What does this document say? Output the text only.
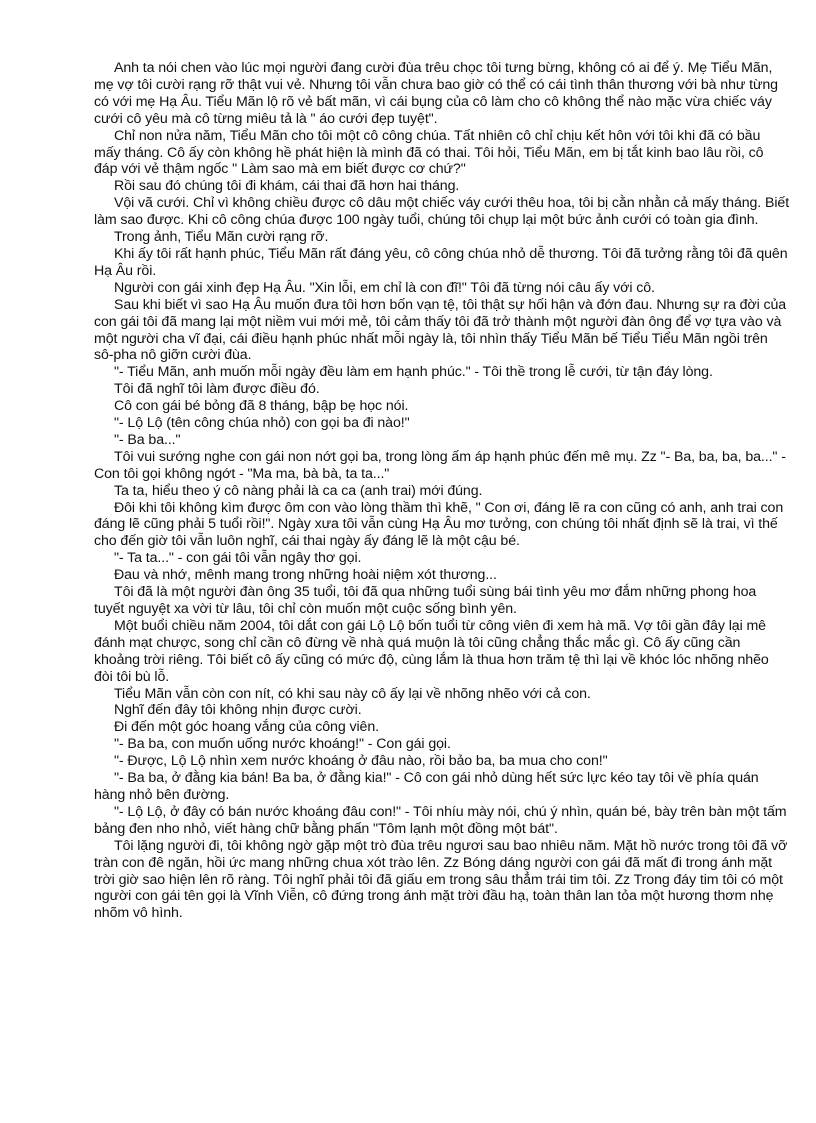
Anh ta nói chen vào lúc mọi người đang cười đùa trêu chọc tôi tưng bừng, không có ai để ý. Mẹ Tiểu Mãn, mẹ vợ tôi cười rạng rỡ thật vui vẻ. Nhưng tôi vẫn chưa bao giờ có thể có cái tình thân thương với bà như từng có với mẹ Hạ Âu. Tiểu Mãn lộ rõ vẻ bất mãn, vì cái bụng của cô làm cho cô không thể nào mặc vừa chiếc váy cưới cô yêu mà cô từng miêu tả là " áo cưới đẹp tuyệt".

Chỉ non nửa năm, Tiểu Mãn cho tôi một cô công chúa. Tất nhiên cô chỉ chịu kết hôn với tôi khi đã có bầu mấy tháng. Cô ấy còn không hề phát hiện là mình đã có thai. Tôi hỏi, Tiểu Mãn, em bị tắt kinh bao lâu rồi, cô đáp với vẻ thậm ngốc " Làm sao mà em biết được cơ chứ?"

Rồi sau đó chúng tôi đi khám, cái thai đã hơn hai tháng.

Vội vã cưới. Chỉ vì không chiều được cô dâu một chiếc váy cưới thêu hoa, tôi bị cằn nhằn cả mấy tháng. Biết làm sao được. Khi cô công chúa được 100 ngày tuổi, chúng tôi chụp lại một bức ảnh cưới có toàn gia đình.

Trong ảnh, Tiểu Mãn cười rạng rỡ.

Khi ấy tôi rất hạnh phúc, Tiểu Mãn rất đáng yêu, cô công chúa nhỏ dễ thương. Tôi đã tưởng rằng tôi đã quên Hạ Âu rồi.

Người con gái xinh đẹp Hạ Âu. "Xin lỗi, em chỉ là con đĩ!" Tôi đã từng nói câu ấy với cô.

Sau khi biết vì sao Hạ Âu muốn đưa tôi hơn bốn vạn tệ, tôi thật sự hối hận và đớn đau. Nhưng sự ra đời của con gái tôi đã mang lại một niềm vui mới mẻ, tôi cảm thấy tôi đã trở thành một người đàn ông để vợ tựa vào và một người cha vĩ đại, cái điều hạnh phúc nhất mỗi ngày là, tôi nhìn thấy Tiểu Mãn bế Tiểu Tiểu Mãn ngồi trên sô-pha nô giỡn cười đùa.

"- Tiểu Mãn, anh muốn mỗi ngày đều làm em hạnh phúc." - Tôi thề trong lễ cưới, từ tận đáy lòng.

Tôi đã nghĩ tôi làm được điều đó.

Cô con gái bé bỏng đã 8 tháng, bập bẹ học nói.

"- Lộ Lộ (tên công chúa nhỏ) con gọi ba đi nào!"

"- Ba ba..."

Tôi vui sướng nghe con gái non nớt gọi ba, trong lòng ấm áp hạnh phúc đến mê mụ. Zz "- Ba, ba, ba, ba..." - Con tôi gọi không ngớt - "Ma ma, bà bà, ta ta..."

Ta ta, hiểu theo ý cô nàng phải là ca ca (anh trai) mới đúng.

Đôi khi tôi không kìm được ôm con vào lòng thầm thì khẽ, " Con ơi, đáng lẽ ra con cũng có anh, anh trai con đáng lẽ cũng phải 5 tuổi rồi!". Ngày xưa tôi vẫn cùng Hạ Âu mơ tưởng, con chúng tôi nhất định sẽ là trai, vì thế cho đến giờ tôi vẫn luôn nghĩ, cái thai ngày ấy đáng lẽ là một cậu bé.

"- Ta ta..." - con gái tôi vẫn ngây thơ gọi.

Đau và nhớ, mênh mang trong những hoài niệm xót thương...

Tôi đã là một người đàn ông 35 tuổi, tôi đã qua những tuổi sùng bái tình yêu mơ đắm những phong hoa tuyết nguyệt xa vời từ lâu, tôi chỉ còn muốn một cuộc sống bình yên.

Một buổi chiều năm 2004, tôi dắt con gái Lộ Lộ bốn tuổi từ công viên đi xem hà mã. Vợ tôi gần đây lại mê đánh mạt chược, song chỉ cần cô đừng về nhà quá muộn là tôi cũng chẳng thắc mắc gì. Cô ấy cũng cần khoảng trời riêng. Tôi biết cô ấy cũng có mức độ, cùng lắm là thua hơn trăm tệ thì lại về khóc lóc nhõng nhẽo đòi tôi bù lỗ.

Tiểu Mãn vẫn còn con nít, có khi sau này cô ấy lại về nhõng nhẽo với cả con.

Nghĩ đến đây tôi không nhịn được cười.

Đi đến một góc hoang vắng của công viên.

"- Ba ba, con muốn uống nước khoáng!" - Con gái gọi.

"- Được, Lộ Lộ nhìn xem nước khoáng ở đâu nào, rồi bảo ba, ba mua cho con!"

"- Ba ba, ở đằng kia bán! Ba ba, ở đằng kia!" - Cô con gái nhỏ dùng hết sức lực kéo tay tôi về phía quán hàng nhỏ bên đường.

"- Lộ Lộ, ở đây có bán nước khoáng đâu con!" - Tôi nhíu mày nói, chú ý nhìn, quán bé, bày trên bàn một tấm bảng đen nho nhỏ, viết hàng chữ bằng phấn "Tôm lạnh một đồng một bát".

Tôi lặng người đi, tôi không ngờ gặp một trò đùa trêu ngươi sau bao nhiêu năm. Mặt hồ nước trong tôi đã vỡ tràn con đê ngăn, hồi ức mang những chua xót trào lên. Zz Bóng dáng người con gái đã mất đi trong ánh mặt trời giờ sao hiện lên rõ ràng. Tôi nghĩ phải tôi đã giấu em trong sâu thẳm trái tim tôi. Zz Trong đáy tim tôi có một người con gái tên gọi là Vĩnh Viễn, cô đứng trong ánh mặt trời đầu hạ, toàn thân lan tỏa một hương thơm nhẹ nhõm vô hình.
